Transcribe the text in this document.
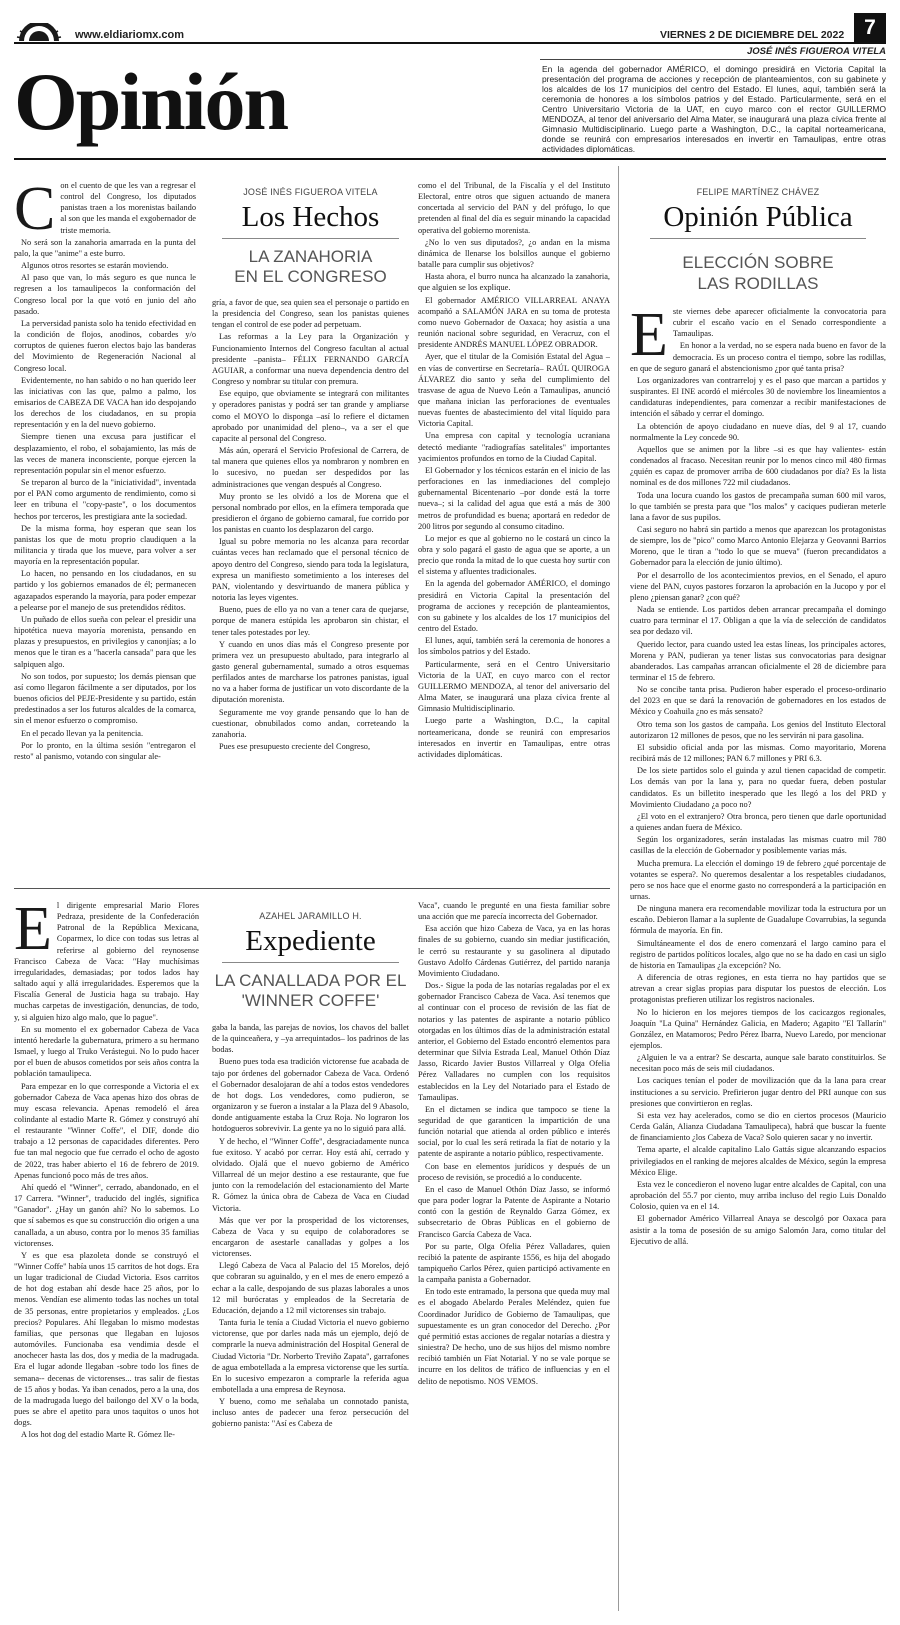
www.eldiariomx.com	VIERNES 2 DE DICIEMBRE DEL 2022 7
JOSÉ INÉS FIGUEROA VITELA
Opinión	En la agenda del gobernador AMÉRICO, el domingo presidirá en Victoria Capital la presentación del programa de acciones y recepción de planteamientos, con su gabinete y los alcaldes de los 17 municipios del centro del Estado. El lunes, aquí, también será la ceremonia de honores a los símbolos patrios y del Estado. Particularmente, será en el Centro Universitario Victoria de la UAT, en cuyo marco con el rector GUILLERMO MENDOZA, al tenor del aniversario del Alma Mater, se inaugurará una plaza cívica frente al Gimnasio Multidisciplinario. Luego parte a Washington, D.C., la capital norteamericana, donde se reunirá con empresarios interesados en invertir en Tamaulipas, entre otras actividades diplomáticas.
C on el cuento de que les van a regresar el control del Congreso, los diputados panistas traen a los morenistas bailando al son que les manda el exgobernador de triste memoria.

No será son la zanahoria amarrada en la punta del palo, la que "anime" a este burro.

Algunos otros resortes se estarán moviendo.

Al paso que van, lo más seguro es que nunca le regresen a los tamaulipecos la conformación del Congreso local por la que votó en junio del año pasado.

La perversidad panista solo ha tenido efectividad en la condición de flojos, anodinos, cobardes y/o corruptos de quienes fueron electos bajo las banderas del Movimiento de Regeneración Nacional al Congreso local.

Evidentemente, no han sabido o no han querido leer las iniciativas con las que, palmo a palmo, los emisarios de CABEZA DE VACA han ido despojando los derechos de los ciudadanos, en su propia representación y en la del nuevo gobierno.

Siempre tienen una excusa para justificar el desplazamiento, el robo, el sobajamiento, las más de las veces de manera inconsciente, porque ejercen la representación popular sin el menor esfuerzo.

Se treparon al burco de la "iniciatividad", inventada por el PAN como argumento de rendimiento, como si leer en tribuna el "copy-paste", o los documentos hechos por terceros, les prestigiara ante la sociedad.

De la misma forma, hoy esperan que sean los panistas los que de motu proprio claudiquen a la militancia y tirada que los mueve, para volver a ser mayoría en la representación popular.

Lo hacen, no pensando en los ciudadanos, en su partido y los gobiernos emanados de él; permanecen agazapados esperando la mayoría, para poder empezar a pelearse por el manejo de sus pretendidos réditos.

Un puñado de ellos sueña con pelear el presidir una hipotética nueva mayoría morenista, pensando en plazas y presupuestos, en privilegios y canonjías; a lo menos que le tiran es a "hacerla cansada" para que les salpiquen algo.

No son todos, por supuesto; los demás piensan que así como llegaron fácilmente a ser diputados, por los buenos oficios del PEJE-Presidente y su partido, están predestinados a ser los futuros alcaldes de la comarca, sin el menor esfuerzo o compromiso.

En el pecado llevan ya la penitencia.

Por lo pronto, en la última sesión "entregaron el resto" al panismo, votando con singular ale-

JOSÉ INÉS FIGUEROA VITELA
Los Hechos
LA ZANAHORIA
EN EL CONGRESO

gría, a favor de que, sea quien sea el personaje o partido en la presidencia del Congreso, sean los panistas quienes tengan el control de ese poder ad perpetuam.

Las reformas a la Ley para la Organización y Funcionamiento Internos del Congreso facultan al actual presidente –panista– FÉLIX FERNANDO GARCÍA AGUIAR, a conformar una nueva dependencia dentro del Congreso y nombrar su titular con premura.

Ese equipo, que obviamente se integrará con militantes y operadores panistas y podrá ser tan grande y ampliarse como el MOYO lo disponga –así lo refiere el dictamen aprobado por unanimidad del pleno–, va a ser el que capacite al personal del Congreso.

Más aún, operará el Servicio Profesional de Carrera, de tal manera que quienes ellos ya nombraron y nombren en lo sucesivo, no puedan ser despedidos por las administraciones que vengan después al Congreso.

Muy pronto se les olvidó a los de Morena que el personal nombrado por ellos, en la efímera temporada que presidieron el órgano de gobierno camaral, fue corrido por los panistas en cuanto los desplazaron del cargo.

Igual su pobre memoria no les alcanza para recordar cuántas veces han reclamado que el personal técnico de apoyo dentro del Congreso, siendo para toda la legislatura, expresa un manifiesto sometimiento a los intereses del PAN, violentando y desvirtuando de manera pública y notoria las leyes vigentes.

Bueno, pues de ello ya no van a tener cara de quejarse, porque de manera estúpida les aprobaron sin chistar, el tener tales potestades por ley.

Y cuando en unos días más el Congreso presente por primera vez un presupuesto abultado, para integrarlo al gasto general gubernamental, sumado a otros esquemas perfilados antes de marcharse los patrones panistas, igual no va a haber forma de justificar un voto discordante de la diputación morenista.

Seguramente me voy grande pensando que lo han de cuestionar, obnubilados como andan, correteando la zanahoria.

Pues ese presupuesto creciente del Congreso,

como el del Tribunal, de la Fiscalía y el del Instituto Electoral, entre otros que siguen actuando de manera concertada al servicio del PAN y del prófugo, lo que pretenden al final del día es seguir minando la capacidad operativa del gobierno morenista.

¿No lo ven sus diputados?, ¿o andan en la misma dinámica de llenarse los bolsillos aunque el gobierno batalle para cumplir sus objetivos?

Hasta ahora, el burro nunca ha alcanzado la zanahoria, que alguien se los explique.

El gobernador AMÉRICO VILLARREAL ANAYA acompañó a SALAMÓN JARA en su toma de protesta como nuevo Gobernador de Oaxaca; hoy asistía a una reunión nacional sobre seguridad, en Veracruz, con el presidente ANDRÉS MANUEL LÓPEZ OBRADOR.

Ayer, que el titular de la Comisión Estatal del Agua –en vías de convertirse en Secretaría– RAÚL QUIROGA ÁLVAREZ dio santo y seña del cumplimiento del trasvase de agua de Nuevo León a Tamaulipas, anunció que mañana inician las perforaciones de eventuales nuevas fuentes de abastecimiento del vital líquido para Victoria Capital.

Una empresa con capital y tecnología ucraniana detectó mediante "radiografías satelitales" importantes yacimientos profundos en torno de la Ciudad Capital.

El Gobernador y los técnicos estarán en el inicio de las perforaciones en las inmediaciones del complejo gubernamental Bicentenario –por donde está la torre nueva–; si la calidad del agua que está a más de 300 metros de profundidad es buena; aportará en rededor de 200 litros por segundo al consumo citadino.

Lo mejor es que al gobierno no le costará un cinco la obra y solo pagará el gasto de agua que se aporte, a un precio que ronda la mitad de lo que cuesta hoy surtir con el sistema y afluentes tradicionales.

En la agenda del gobernador AMÉRICO, el domingo presidirá en Victoria Capital la presentación del programa de acciones y recepción de planteamientos, con su gabinete y los alcaldes de los 17 municipios del centro del Estado.

El lunes, aquí, también será la ceremonia de honores a los símbolos patrios y del Estado.

Particularmente, será en el Centro Universitario Victoria de la UAT, en cuyo marco con el rector GUILLERMO MENDOZA, al tenor del aniversario del Alma Mater, se inaugurará una plaza cívica frente al Gimnasio Multidisciplinario.

Luego parte a Washington, D.C., la capital norteamericana, donde se reunirá con empresarios interesados en invertir en Tamaulipas, entre otras actividades diplomáticas.

E l dirigente empresarial Mario Flores Pedraza, presidente de la Confederación Patronal de la República Mexicana, Coparmex, lo dice con todas sus letras al referirse al gobierno del reynosense Francisco Cabeza de Vaca: "Hay muchísimas irregularidades, demasiadas; por todos lados hay saltado aquí y allá irregularidades. Esperemos que la Fiscalía General de Justicia haga su trabajo. Hay muchas carpetas de investigación, denuncias, de todo, y, si alguien hizo algo malo, que lo pague".

En su momento el ex gobernador Cabeza de Vaca intentó heredarle la gubernatura, primero a su hermano Ismael, y luego al Truko Verástegui. No lo pudo hacer por el buen de abusos cometidos por seis años contra la población tamaulipeca.

Para empezar en lo que corresponde a Victoria el ex gobernador Cabeza de Vaca apenas hizo dos obras de muy escasa relevancia. Apenas remodeló el área colindante al estadio Marte R. Gómez y construyó ahí el restaurante "Winner Coffe", el DIF, donde dio trabajo a 12 personas de capacidades diferentes. Pero fue tan mal negocio que fue cerrado el ocho de agosto de 2022, tras haber abierto el 16 de febrero de 2019. Apenas funcionó poco más de tres años.

Ahí quedó el "Winner", cerrado, abandonado, en el 17 Carrera. "Winner", traducido del inglés, significa "Ganador". ¿Hay un ganón ahí? No lo sabemos. Lo que sí sabemos es que su construcción dio origen a una canallada, a un abuso, contra por lo menos 35 familias victorenses.

Y es que esa plazoleta donde se construyó el "Winner Coffe" había unos 15 carritos de hot dogs. Era un lugar tradicional de Ciudad Victoria. Esos carritos de hot dog estaban ahí desde hace 25 años, por lo menos. Vendían ese alimento todas las noches un total de 35 personas, entre propietarios y empleados. ¿Los precios? Populares. Ahí llegaban lo mismo modestas familias, que personas que llegaban en lujosos automóviles. Funcionaba esa vendimia desde el anochecer hasta las dos, dos y media de la madrugada. Era el lugar adonde llegaban -sobre todo los fines de semana-- decenas de victorenses... tras salir de fiestas de 15 años y bodas. Ya iban cenados, pero a la una, dos de la madrugada luego del bailongo del XV o la boda, pues se abre el apetito para unos taquitos o unos hot dogs.

A los hot dog del estadio Marte R. Gómez lle-

AZAHEL JARAMILLO H.
Expediente
LA CANALLADA POR EL
'WINNER COFFE'

gaba la banda, las parejas de novios, los chavos del ballet de la quinceañera, y –ya arrequintados– los padrinos de las bodas.

Bueno pues toda esa tradición victorense fue acabada de tajo por órdenes del gobernador Cabeza de Vaca. Ordenó el Gobernador desalojaran de ahí a todos estos vendedores de hot dogs. Los vendedores, como pudieron, se organizaron y se fueron a instalar a la Plaza del 9 Abasolo, donde antiguamente estaba la Cruz Roja. No lograron los hotdogueros sobrevivir. La gente ya no lo siguió para allá.

Y de hecho, el "Winner Coffe", desgraciadamente nunca fue exitoso. Y acabó por cerrar. Hoy está ahí, cerrado y olvidado. Ojalá que el nuevo gobierno de Américo Villarreal dé un mejor destino a ese restaurante, que fue junto con la remodelación del estacionamiento del Marte R. Gómez la única obra de Cabeza de Vaca en Ciudad Victoria.

Más que ver por la prosperidad de los victorenses, Cabeza de Vaca y su equipo de colaboradores se encargaron de asestarle canalladas y golpes a los victorenses.

Llegó Cabeza de Vaca al Palacio del 15 Morelos, dejó que cobraran su aguinaldo, y en el mes de enero empezó a echar a la calle, despojando de sus plazas laborales a unos 12 mil burócratas y empleados de la Secretaría de Educación, dejando a 12 mil victorenses sin trabajo.

Tanta furia le tenía a Ciudad Victoria el nuevo gobierno victorense, que por darles nada más un ejemplo, dejó de comprarle la nueva administración del Hospital General de Ciudad Victoria "Dr. Norberto Treviño Zapata", garrafones de agua embotellada a la empresa victorense que les surtía. En lo sucesivo empezaron a comprarle la referida agua embotellada a una empresa de Reynosa.

Y bueno, como me señalaba un connotado panista, incluso antes de padecer una feroz persecución del gobierno panista: "Así es Cabeza de

Vaca", cuando le pregunté en una fiesta familiar sobre una acción que me parecía incorrecta del Gobernador.

Esa acción que hizo Cabeza de Vaca, ya en las horas finales de su gobierno, cuando sin mediar justificación, le cerró su restaurante y su gasolinera al diputado Gustavo Adolfo Cárdenas Gutiérrez, del partido naranja Movimiento Ciudadano.

Dos.- Sigue la poda de las notarías regaladas por el ex gobernador Francisco Cabeza de Vaca. Así tenemos que al continuar con el proceso de revisión de las fíat de notarios y las patentes de aspirante a notario público otorgadas en los últimos días de la administración estatal anterior, el Gobierno del Estado encontró elementos para determinar que Silvia Estrada Leal, Manuel Othón Díaz Jasso, Ricardo Javier Bustos Villarreal y Olga Ofelia Pérez Valladares no cumplen con los requisitos establecidos en la Ley del Notariado para el Estado de Tamaulipas.

En el dictamen se indica que tampoco se tiene la seguridad de que garanticen la impartición de una función notarial que atienda al orden público e interés social, por lo cual les será retirada la fíat de notario y la patente de aspirante a notario público, respectivamente.

Con base en elementos jurídicos y después de un proceso de revisión, se procedió a lo conducente.

En el caso de Manuel Othón Díaz Jasso, se informó que para poder lograr la Patente de Aspirante a Notario contó con la gestión de Reynaldo Garza Gómez, ex subsecretario de Obras Públicas en el gobierno de Francisco García Cabeza de Vaca.

Por su parte, Olga Ofelia Pérez Valladares, quien recibió la patente de aspirante 1556, es hija del abogado tampiqueño Carlos Pérez, quien participó activamente en la campaña panista a Gobernador.

En todo este entramado, la persona que queda muy mal es el abogado Abelardo Perales Meléndez, quien fue Coordinador Jurídico de Gobierno de Tamaulipas, que supuestamente es un gran conocedor del Derecho. ¿Por qué permitió estas acciones de regalar notarías a diestra y siniestra? De hecho, uno de sus hijos del mismo nombre recibió también un Fíat Notarial. Y no se vale porque se incurre en los delitos de tráfico de influencias y en el delito de nepotismo. NOS VEMOS.

FELIPE MARTÍNEZ CHÁVEZ
Opinión Pública
ELECCIÓN SOBRE
LAS RODILLAS
E ste viernes debe aparecer oficialmente la convocatoria para cubrir el escaño vacío en el Senado correspondiente a Tamaulipas.

En honor a la verdad, no se espera nada bueno en favor de la democracia. Es un proceso contra el tiempo, sobre las rodillas, en que de seguro ganará el abstencionismo ¿por qué tanta prisa?

Los organizadores van contrarreloj y es el paso que marcan a partidos y suspirantes. El INE acordó el miércoles 30 de noviembre los lineamientos a candidaturas independientes, para comenzar a recibir manifestaciones de intención el sábado y cerrar el domingo.

La obtención de apoyo ciudadano en nueve días, del 9 al 17, cuando normalmente la Ley concede 90.

Aquellos que se animen por la libre –si es que hay valientes- están condenados al fracaso. Necesitan reunir por lo menos cinco mil 480 firmas ¿quién es capaz de promover arriba de 600 ciudadanos por día? Es la lista nominal es de dos millones 722 mil ciudadanos.

Toda una locura cuando los gastos de precampaña suman 600 mil varos, lo que también se presta para que "los malos" y caciques pudieran meterle lana a favor de sus pupilos.

Casi seguro no habrá sin partido a menos que aparezcan los protagonistas de siempre, los de "pico" como Marco Antonio Elejarza y Geovanni Barrios Moreno, que le tiran a "todo lo que se mueva" (fueron precandidatos a Gobernador para la elección de junio último).

Por el desarrollo de los acontecimientos previos, en el Senado, el apuro viene del PAN, cuyos pastores forzaron la aprobación en la Jucopo y por el pleno ¿piensan ganar? ¿con qué?

Nada se entiende. Los partidos deben arrancar precampaña el domingo cuatro para terminar el 17. Obligan a que la vía de selección de candidatos sea por dedazo vil.

Querido lector, para cuando usted lea estas líneas, los principales actores, Morena y PAN, pudieran ya tener listas sus convocatorias para designar abanderados. Las campañas arrancan oficialmente el 28 de diciembre para terminar el 15 de febrero.

No se concibe tanta prisa. Pudieron haber esperado el proceso-ordinario del 2023 en que se dará la renovación de gobernadores en los estados de México y Coahuila ¿no es más sensato?

Otro tema son los gastos de campaña. Los genios del Instituto Electoral autorizaron 12 millones de pesos, que no les servirán ni para gasolina.

El subsidio oficial anda por las mismas. Como mayoritario, Morena recibirá más de 12 millones; PAN 6.7 millones y PRI 6.3.

De los siete partidos solo el guinda y azul tienen capacidad de competir. Los demás van por la lana y, para no quedar fuera, deben postular candidatos. Es un billetito inesperado que les llegó a los del PRD y Movimiento Ciudadano ¿a poco no?

¿El voto en el extranjero? Otra bronca, pero tienen que darle oportunidad a quienes andan fuera de México.

Según los organizadores, serán instaladas las mismas cuatro mil 780 casillas de la elección de Gobernador y posiblemente varias más.

Mucha premura. La elección el domingo 19 de febrero ¿qué porcentaje de votantes se espera?. No queremos desalentar a los respetables ciudadanos, pero se nos hace que el enorme gasto no corresponderá a la participación en urnas.

De ninguna manera era recomendable movilizar toda la estructura por un escaño. Debieron llamar a la suplente de Guadalupe Covarrubias, la segunda fórmula de mayoría. En fin.

Simultáneamente el dos de enero comenzará el largo camino para el registro de partidos políticos locales, algo que no se ha dado en casi un siglo de historia en Tamaulipas ¿la excepción? No.

A diferencia de otras regiones, en esta tierra no hay partidos que se atrevan a crear siglas propias para disputar los puestos de elección. Los protagonistas prefieren utilizar los registros nacionales.

No lo hicieron en los mejores tiempos de los cacicazgos regionales, Joaquín "La Quina" Hernández Galicia, en Madero; Agapito "El Tallarín" González, en Matamoros; Pedro Pérez Ibarra, Nuevo Laredo, por mencionar ejemplos.

¿Alguien le va a entrar? Se descarta, aunque sale barato constituirlos. Se necesitan poco más de seis mil ciudadanos.

Los caciques tenían el poder de movilización que da la lana para crear instituciones a su servicio. Prefirieron jugar dentro del PRI aunque con sus presiones que convirtieron en reglas.

Si esta vez hay acelerados, como se dio en ciertos procesos (Mauricio Cerda Galán, Alianza Ciudadana Tamaulipeca), habrá que buscar la fuente de financiamiento ¿los Cabeza de Vaca? Solo quieren sacar y no invertir.

Tema aparte, el alcalde capitalino Lalo Gattás sigue alcanzando espacios privilegiados en el ranking de mejores alcaldes de México, según la empresa México Elige.

Esta vez le concedieron el noveno lugar entre alcaldes de Capital, con una aprobación del 55.7 por ciento, muy arriba incluso del regio Luis Donaldo Colosio, quien va en el 14.

El gobernador Américo Villarreal Anaya se descolgó por Oaxaca para asistir a la toma de posesión de su amigo Salomón Jara, como titular del Ejecutivo de allá.
